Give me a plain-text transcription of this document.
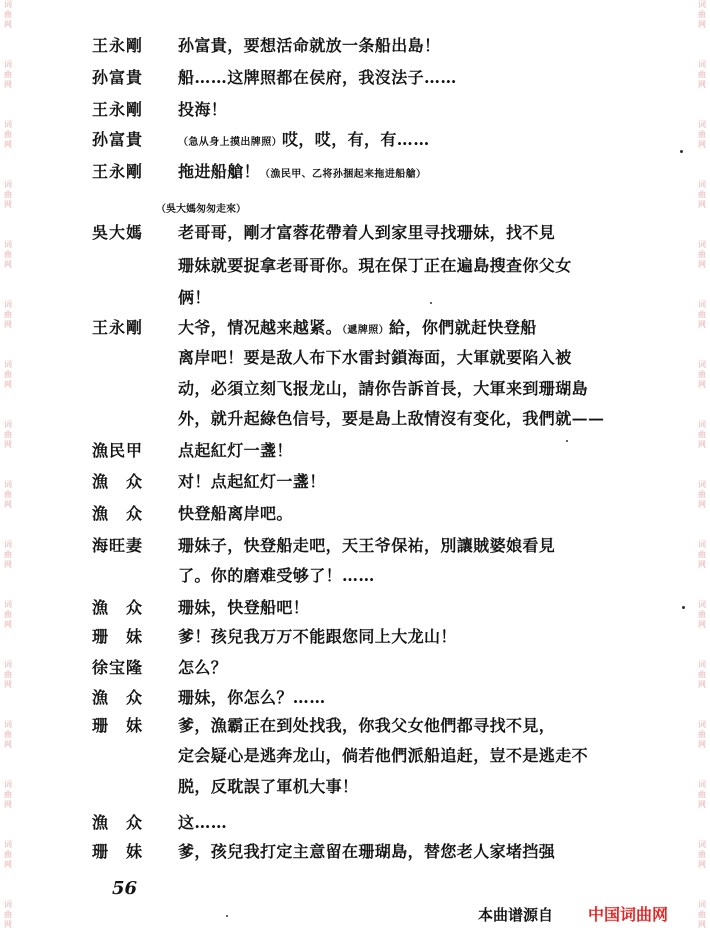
词
曲
网
词
曲
网
词
曲
网
词
曲
网
词
曲
网
词
曲
网
词
曲
网
词
曲
网
词
曲
网
词
曲
网
词
曲
网
词
曲
网
词
曲
网
词
曲
网
词
曲
网
词
曲
网
词
曲
网
词
曲
网
词
曲
网
词
曲
网
词
曲
网
词
曲
网
词
曲
网
词
曲
网
词
曲
网
词
曲
网
词
曲
网
词
曲
网
词
曲
网
词
曲
网
词
曲
网
词
曲
网
王永剛 孙富貴，要想活命就放一条船出島！
孙富貴 船……这牌照都在侯府，我沒法子……
王永剛 投海！
孙富貴	（急从身上摸出牌照）哎，哎，有，有……
王永剛 拖进船艙！（漁民甲、乙将孙捆起来拖进船艙）
（吳大媽匆匆走來）
吳大媽 老哥哥，剛才富蓉花帶着人到家里寻找珊妹，找不見
珊妹就要捉拿老哥哥你。現在保丁正在遍島搜查你父女
俩！
王永剛 大爷，情况越来越紧。（遞牌照）給，你們就赶快登船
离岸吧！要是敌人布下水雷封鎖海面，大軍就要陷入被
动，必須立刻飞报龙山，請你告訴首長，大軍来到珊瑚島
外，就升起綠色信号，要是島上敌情沒有变化，我們就——
漁民甲 点起紅灯一盞！
漁　众 对！点起紅灯一盞！
漁　众 快登船离岸吧。
海旺妻 珊妹子，快登船走吧，天王爷保祐，別讓賊婆娘看見
了。你的磨难受够了！……
漁　众 珊妹，快登船吧！
珊　妹 爹！孩兒我万万不能跟您同上大龙山！
徐宝隆 怎么？
漁　众 珊妹，你怎么？……
珊　妹 爹，漁霸正在到处找我，你我父女他們都寻找不見，
定会疑心是逃奔龙山，倘若他們派船追赶，豈不是逃走不
脱，反耽誤了軍机大事！
漁　众 这……
珊　妹 爹，孩兒我打定主意留在珊瑚島，替您老人家堵挡强
56
本曲谱源自 中国词曲网
